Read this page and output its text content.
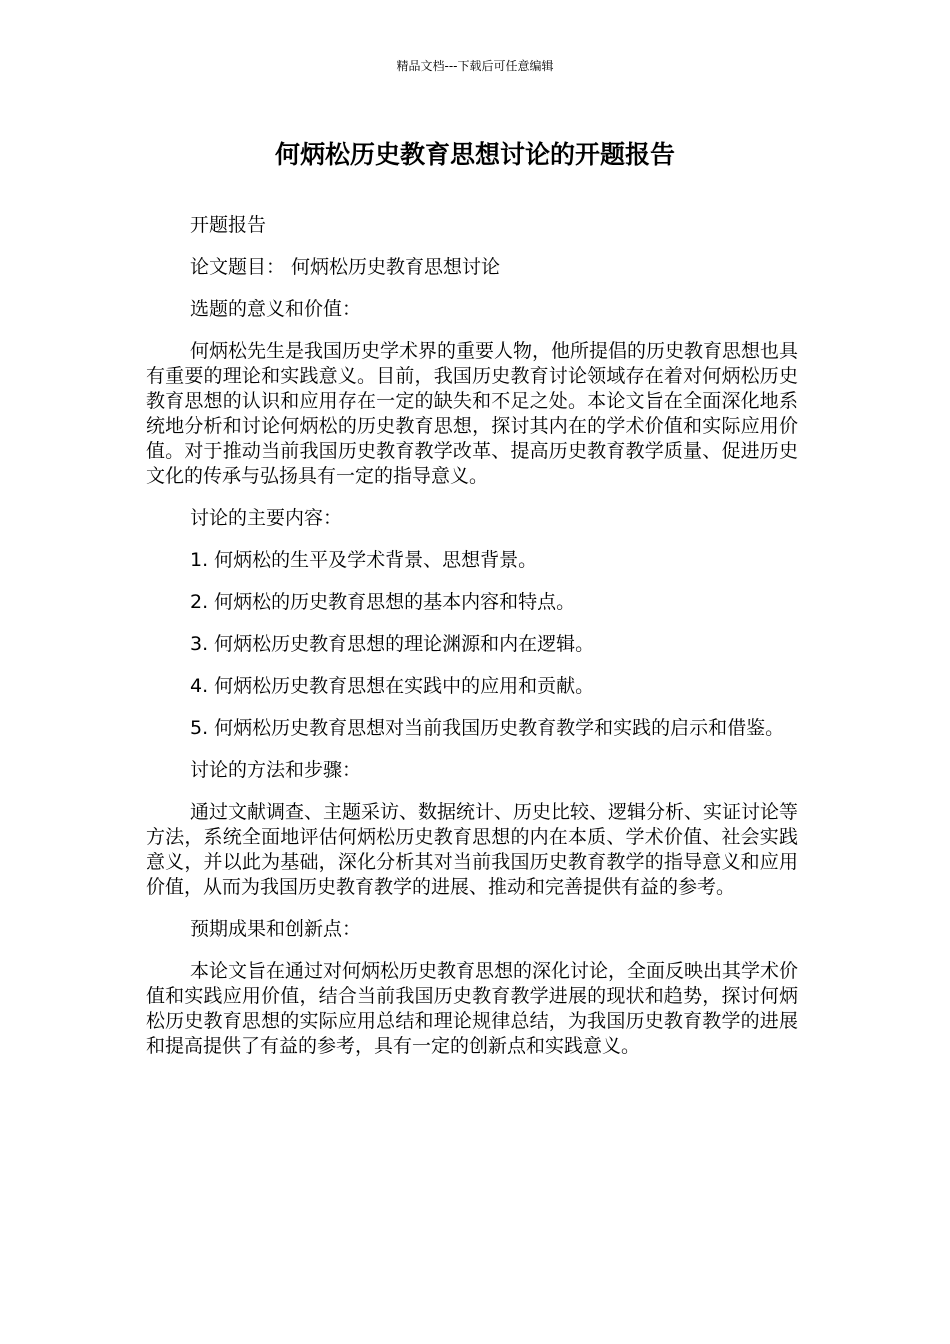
精品文档---下载后可任意编辑
何炳松历史教育思想讨论的开题报告

开题报告

论文题目： 何炳松历史教育思想讨论

选题的意义和价值：

何炳松先生是我国历史学术界的重要人物，他所提倡的历史教育思想也具有重要的理论和实践意义。目前，我国历史教育讨论领域存在着对何炳松历史教育思想的认识和应用存在一定的缺失和不足之处。本论文旨在全面深化地系统地分析和讨论何炳松的历史教育思想，探讨其内在的学术价值和实际应用价值。对于推动当前我国历史教育教学改革、提高历史教育教学质量、促进历史文化的传承与弘扬具有一定的指导意义。

讨论的主要内容：

1. 何炳松的生平及学术背景、思想背景。

2. 何炳松的历史教育思想的基本内容和特点。

3. 何炳松历史教育思想的理论渊源和内在逻辑。

4. 何炳松历史教育思想在实践中的应用和贡献。

5. 何炳松历史教育思想对当前我国历史教育教学和实践的启示和借鉴。

讨论的方法和步骤：

通过文献调查、主题采访、数据统计、历史比较、逻辑分析、实证讨论等方法，系统全面地评估何炳松历史教育思想的内在本质、学术价值、社会实践意义，并以此为基础，深化分析其对当前我国历史教育教学的指导意义和应用价值，从而为我国历史教育教学的进展、推动和完善提供有益的参考。

预期成果和创新点：

本论文旨在通过对何炳松历史教育思想的深化讨论，全面反映出其学术价值和实践应用价值，结合当前我国历史教育教学进展的现状和趋势，探讨何炳松历史教育思想的实际应用总结和理论规律总结，为我国历史教育教学的进展和提高提供了有益的参考，具有一定的创新点和实践意义。
